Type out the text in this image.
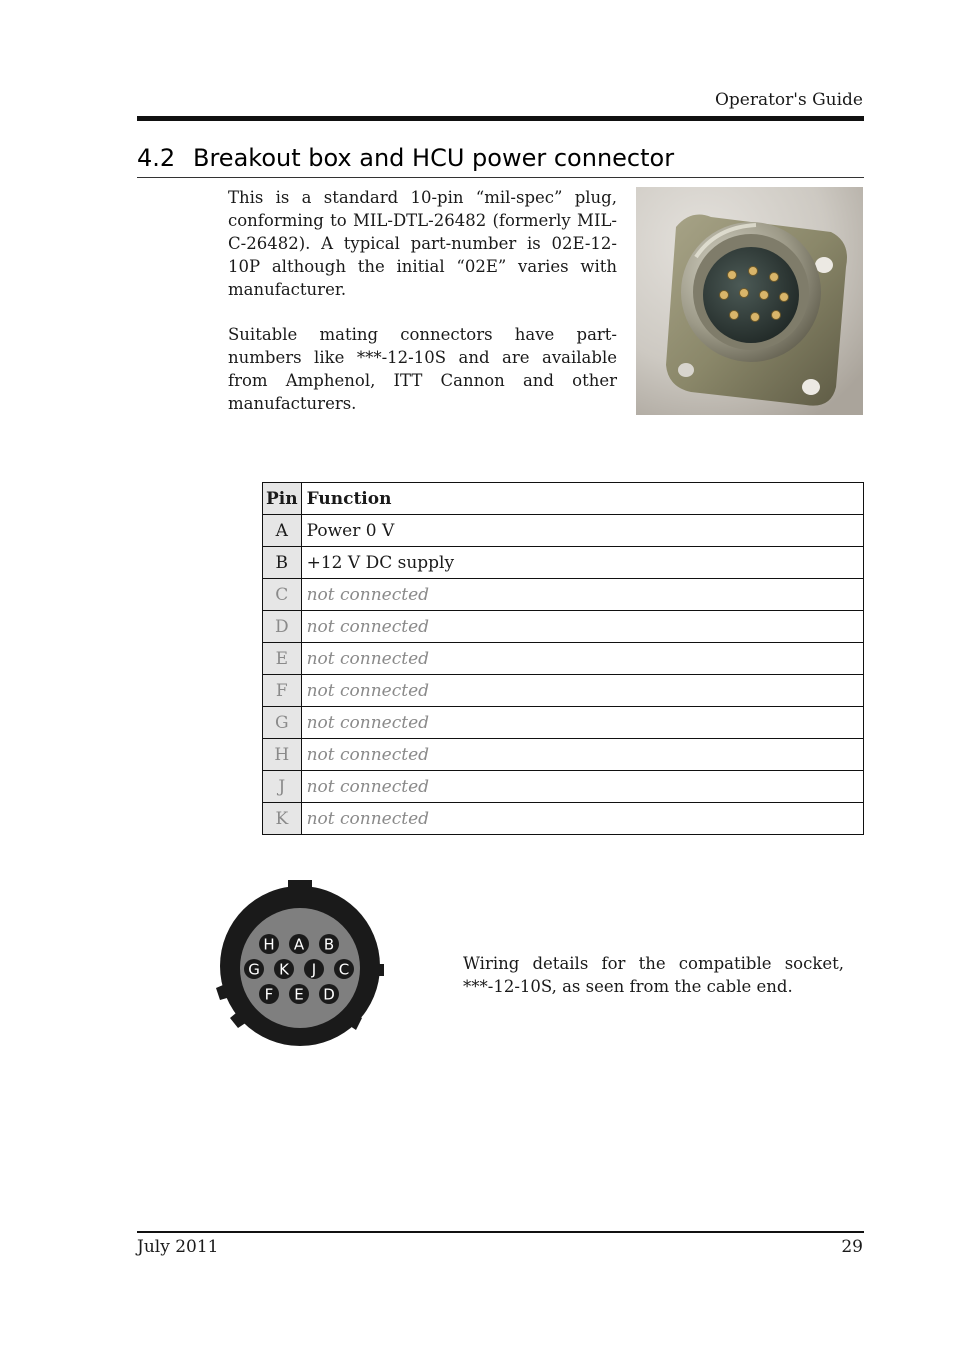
Operator's Guide
4.2 Breakout box and HCU power connector

This is a standard 10-pin “mil-spec” plug, conforming to MIL-DTL-26482 (formerly MIL-C-26482). A typical part-number is 02E-12-10P although the initial “02E” varies with manufacturer.

Suitable mating connectors have part-numbers like ***-12-10S and are available from Amphenol, ITT Cannon and other manufacturers.

Pin	Function
A	Power 0 V
B	+12 V DC supply
C	not connected
D	not connected
E	not connected
F	not connected
G	not connected
H	not connected
J	not connected
K	not connected
H A B
G K J C
F E D

Wiring details for the compatible socket, ***-12-10S, as seen from the cable end.

July 2011	29
